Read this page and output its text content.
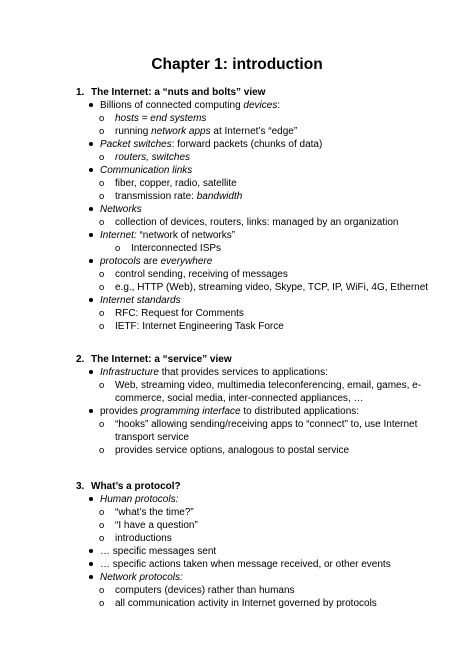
Chapter 1: introduction
1. The Internet: a “nuts and bolts” view
Billions of connected computing devices:
o hosts = end systems
o running network apps at Internet’s “edge”
Packet switches: forward packets (chunks of data)
o routers, switches
Communication links
o fiber, copper, radio, satellite
o transmission rate: bandwidth
Networks
o collection of devices, routers, links: managed by an organization
Internet: “network of networks”
o Interconnected ISPs
protocols are everywhere
o control sending, receiving of messages
o e.g., HTTP (Web), streaming video, Skype, TCP, IP, WiFi, 4G, Ethernet
Internet standards
o RFC: Request for Comments
o IETF: Internet Engineering Task Force
2. The Internet: a “service” view
Infrastructure that provides services to applications:
o Web, streaming video, multimedia teleconferencing, email, games, e-
commerce, social media, inter-connected appliances, …
provides programming interface to distributed applications:
o “hooks” allowing sending/receiving apps to “connect” to, use Internet
transport service
o provides service options, analogous to postal service
3. What’s a protocol?
Human protocols:
o “what’s the time?”
o “I have a question”
o introductions
… specific messages sent
… specific actions taken when message received, or other events
Network protocols:
o computers (devices) rather than humans
o all communication activity in Internet governed by protocols
